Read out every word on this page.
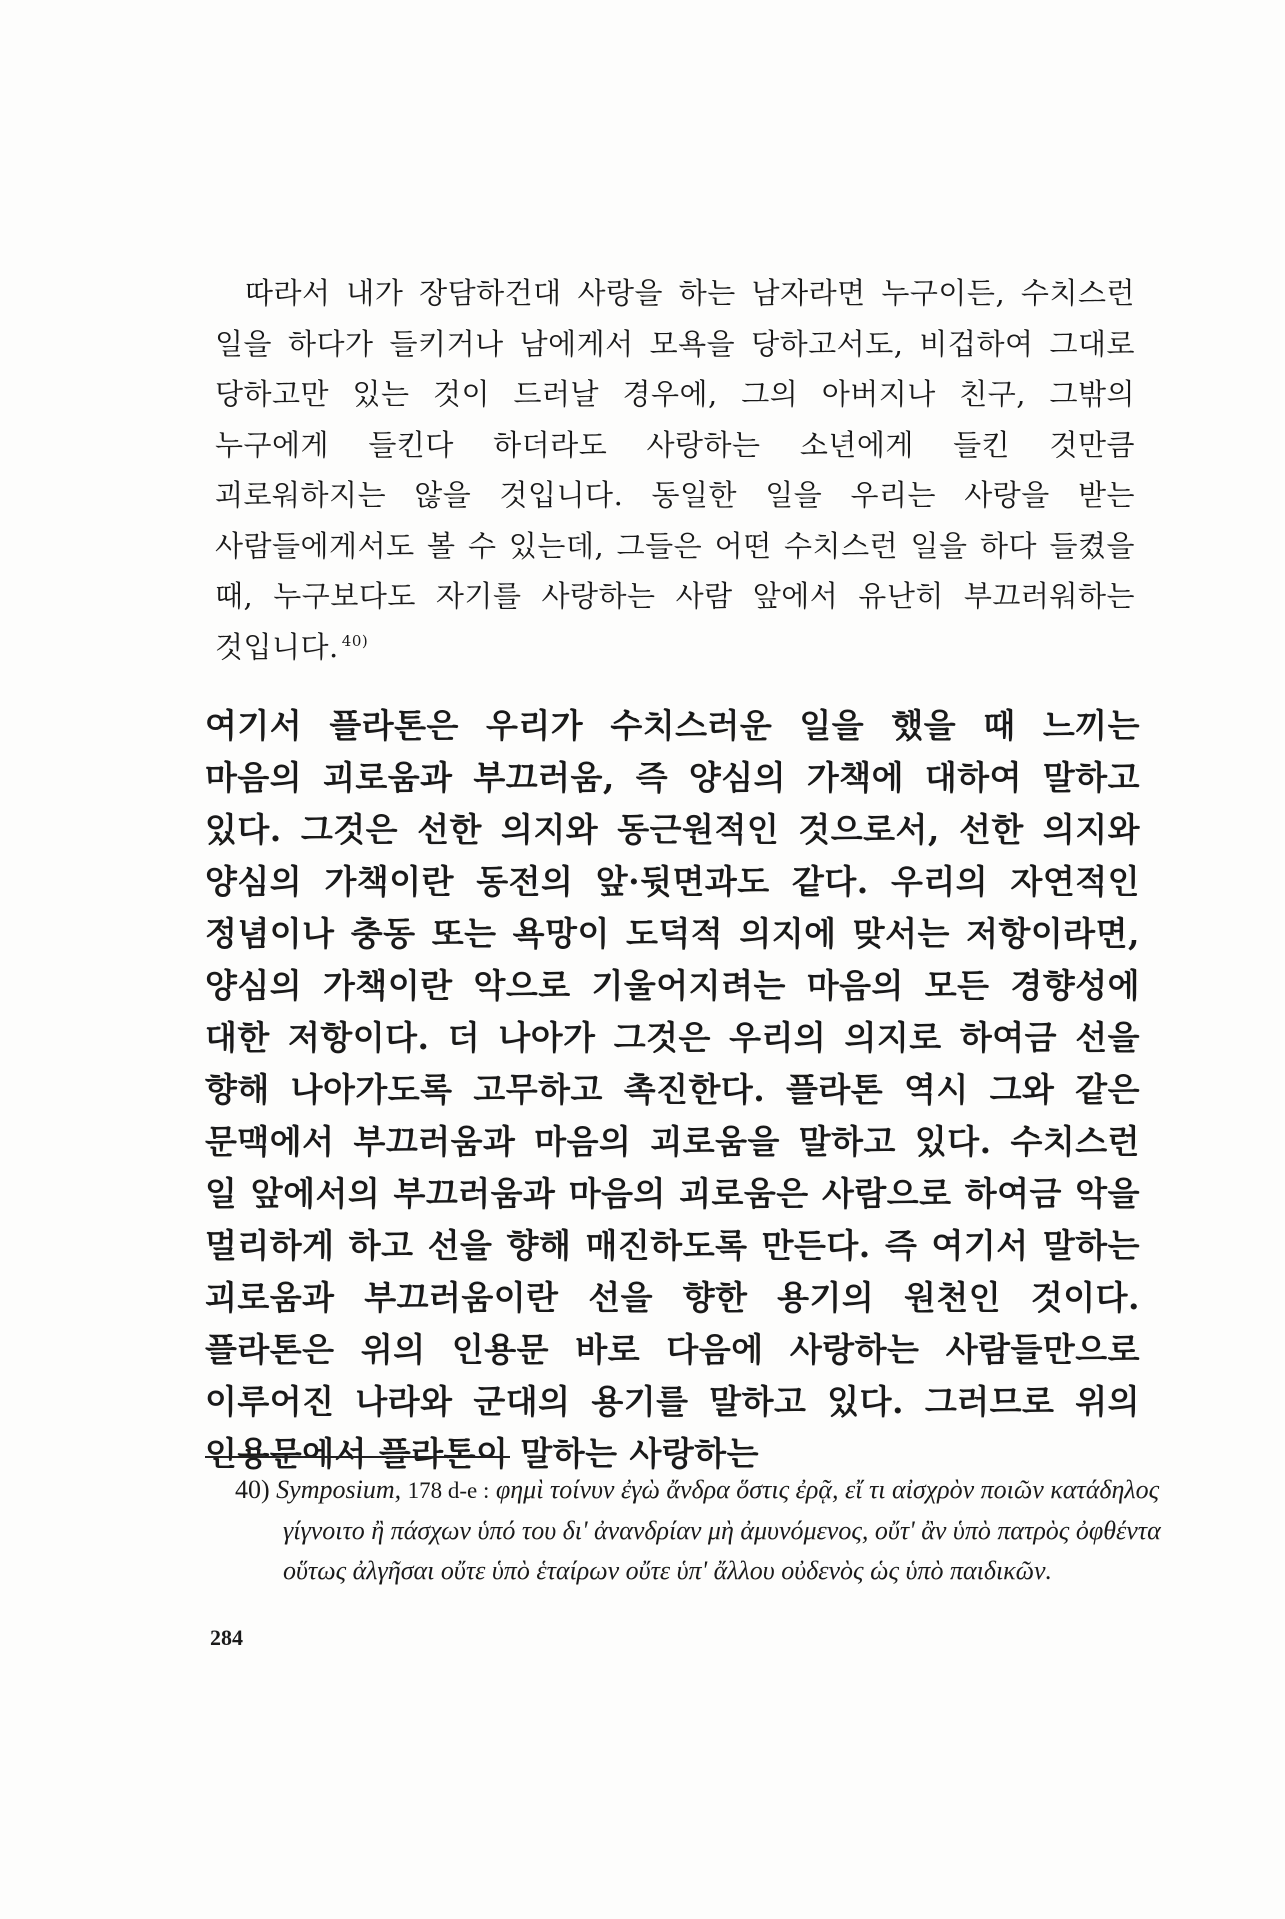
따라서 내가 장담하건대 사랑을 하는 남자라면 누구이든, 수치스런 일을 하다가 들키거나 남에게서 모욕을 당하고서도, 비겁하여 그대로 당하고만 있는 것이 드러날 경우에, 그의 아버지나 친구, 그밖의 누구에게 들킨다 하더라도 사랑하는 소년에게 들킨 것만큼 괴로워하지는 않을 것입니다. 동일한 일을 우리는 사랑을 받는 사람들에게서도 볼 수 있는데, 그들은 어떤 수치스런 일을 하다 들켰을 때, 누구보다도 자기를 사랑하는 사람 앞에서 유난히 부끄러워하는 것입니다. $^{40)}$
여기서 플라톤은 우리가 수치스러운 일을 했을 때 느끼는 마음의 괴로움과 부끄러움, 즉 양심의 가책에 대하여 말하고 있다. 그것은 선한 의지와 동근원적인 것으로서, 선한 의지와 양심의 가책이란 동전의 앞·뒷면과도 같다. 우리의 자연적인 정념이나 충동 또는 욕망이 도덕적 의지에 맞서는 저항이라면, 양심의 가책이란 악으로 기울어지려는 마음의 모든 경향성에 대한 저항이다. 더 나아가 그것은 우리의 의지로 하여금 선을 향해 나아가도록 고무하고 촉진한다. 플라톤 역시 그와 같은 문맥에서 부끄러움과 마음의 괴로움을 말하고 있다. 수치스런 일 앞에서의 부끄러움과 마음의 괴로움은 사람으로 하여금 악을 멀리하게 하고 선을 향해 매진하도록 만든다. 즉 여기서 말하는 괴로움과 부끄러움이란 선을 향한 용기의 원천인 것이다. 플라톤은 위의 인용문 바로 다음에 사랑하는 사람들만으로 이루어진 나라와 군대의 용기를 말하고 있다. 그러므로 위의 인용문에서 플라톤이 말하는 사랑하는
40) Symposium, 178 d-e : φημὶ τοίνυν ἐγὼ ἄνδρα ὅστις ἐρᾷ, εἴ τι αἰσχρὸν ποιῶν κατάδηλος γίγνοιτο ἢ πάσχων ὑπό του δι' ἀνανδρίαν μὴ ἀμυνόμενος, οὔτ' ἂν ὑπὸ πατρὸς ὀφθέντα οὕτως ἀλγῆσαι οὔτε ὑπὸ ἑταίρων οὔτε ὑπ' ἄλλου οὐδενὸς ὡς ὑπὸ παιδικῶν.
284
